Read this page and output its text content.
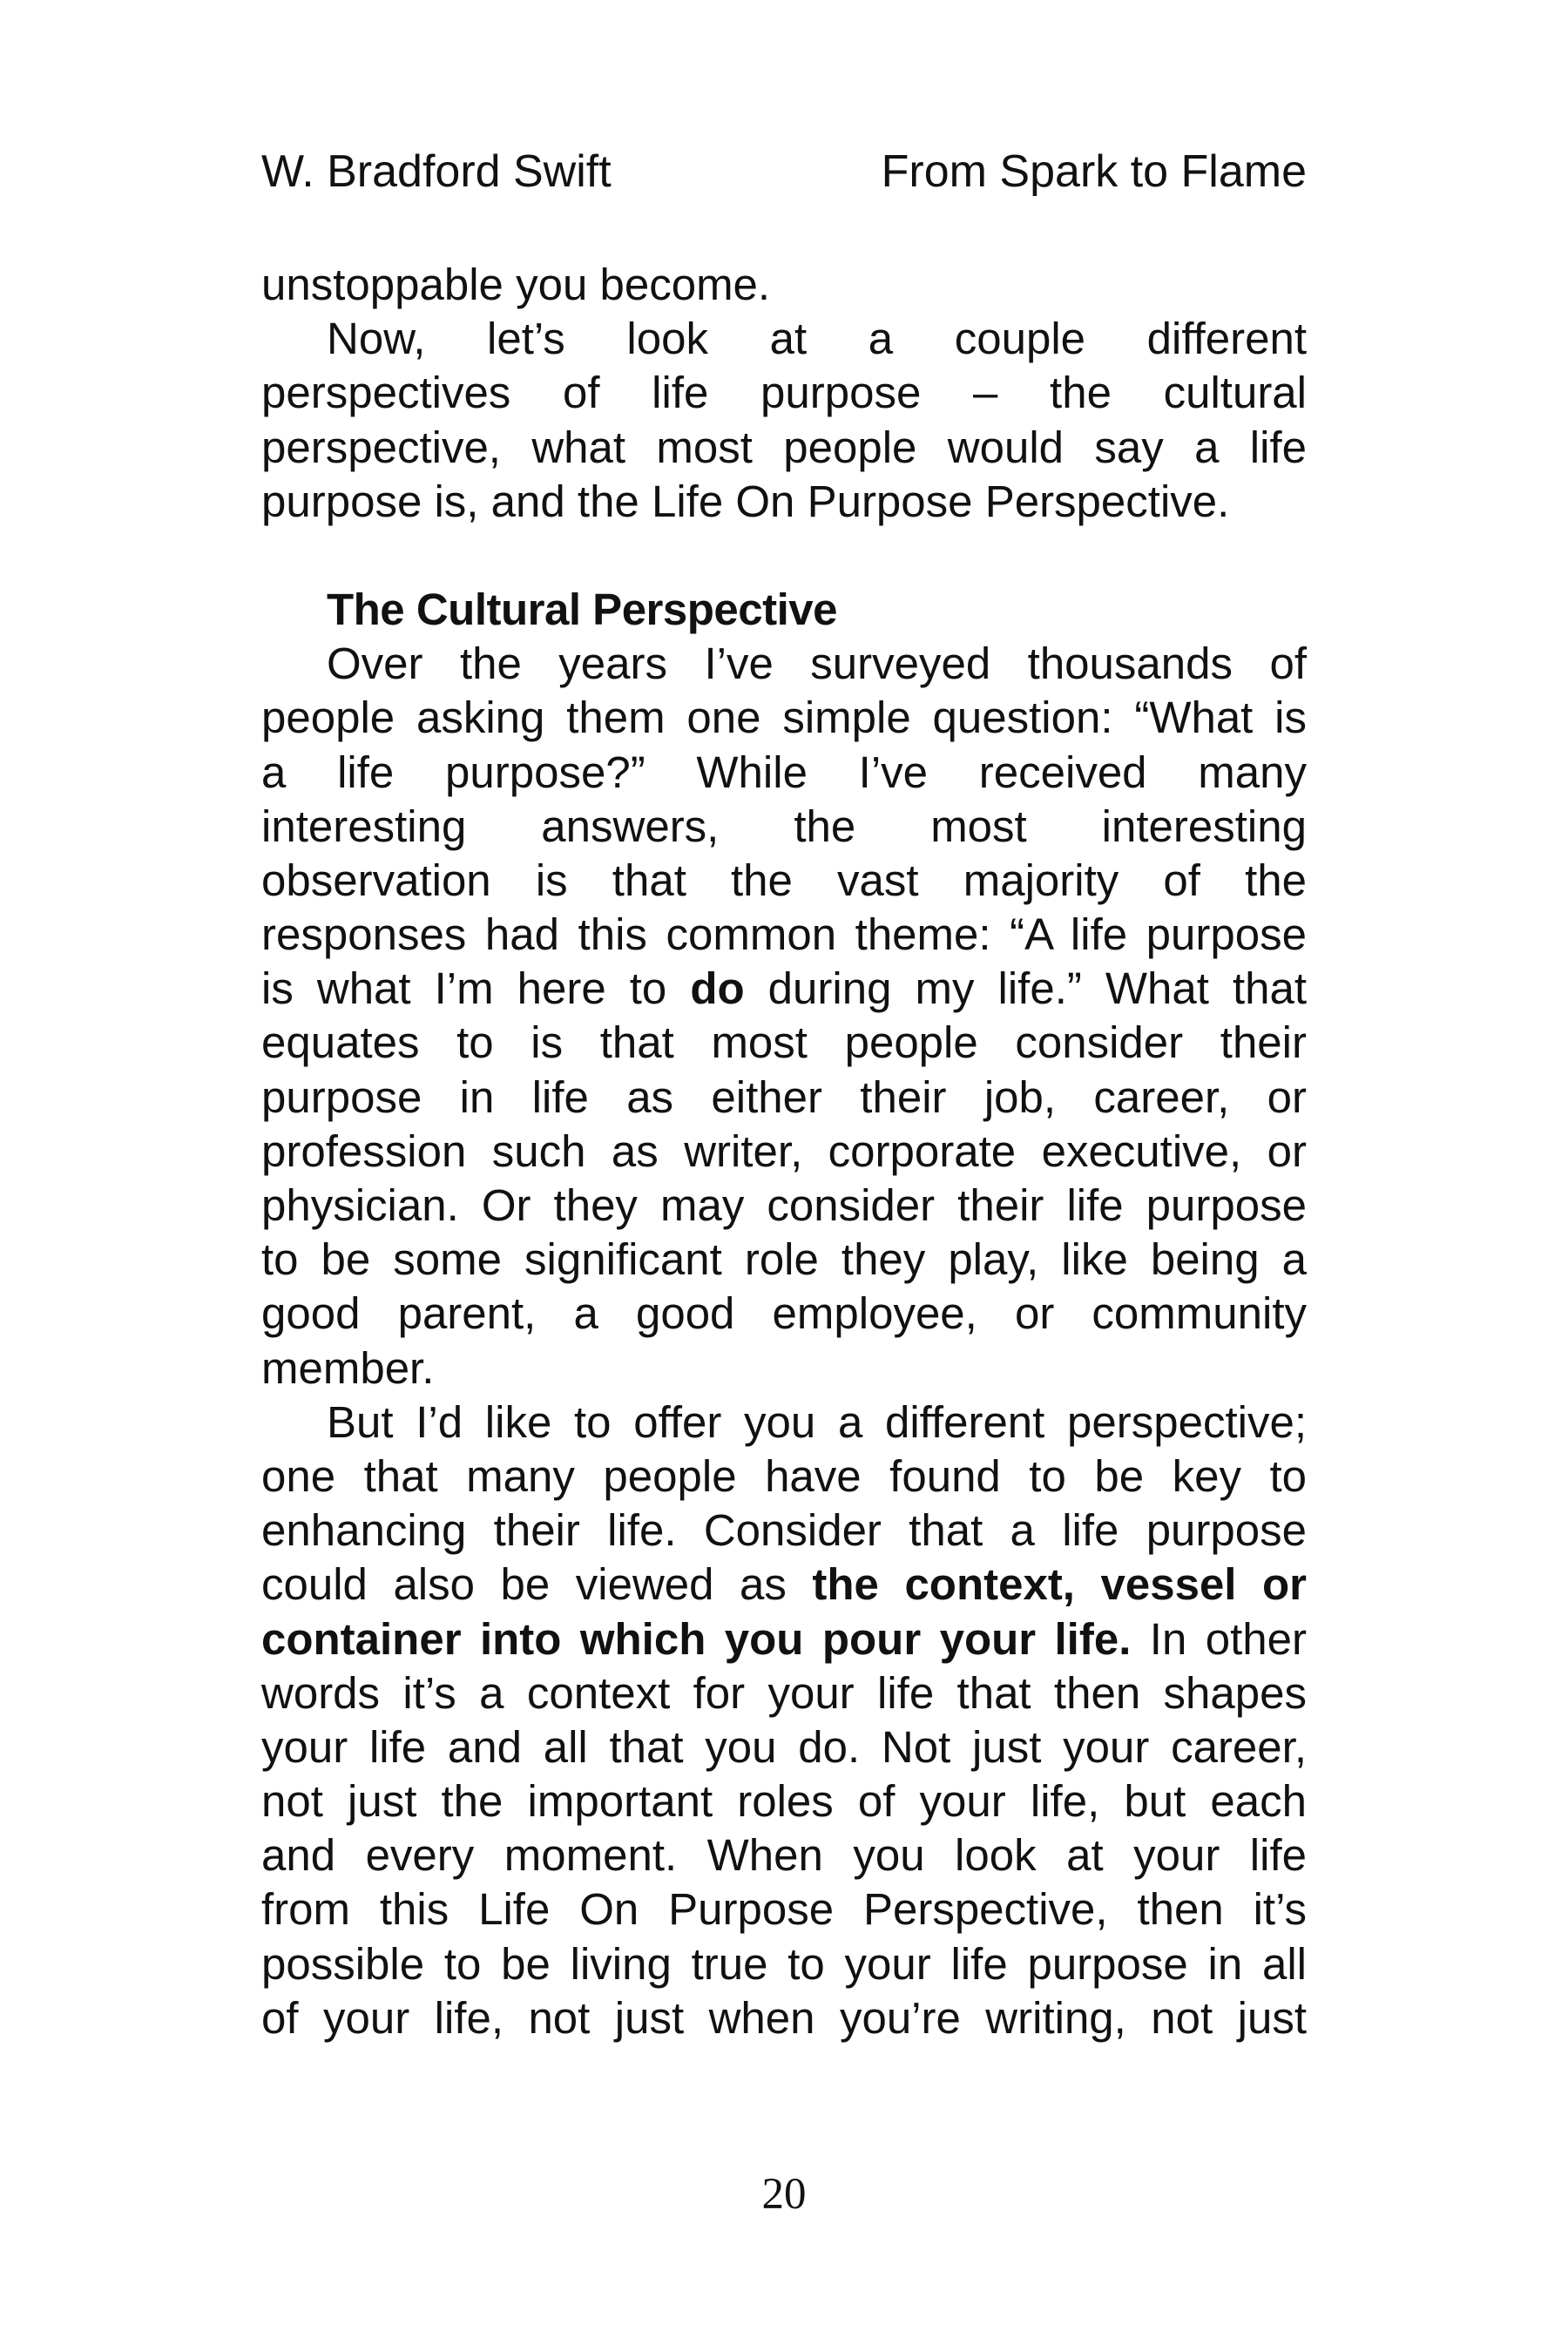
W. Bradford Swift	From Spark to Flame
unstoppable you become.
Now, let’s look at a couple different
perspectives of life purpose – the cultural
perspective, what most people would say a life
purpose is, and the Life On Purpose Perspective.
The Cultural Perspective
Over the years I’ve surveyed thousands of
people asking them one simple question: “What is
a life purpose?” While I’ve received many
interesting answers, the most interesting
observation is that the vast majority of the
responses had this common theme: “A life purpose
is what I’m here to do during my life.” What that
equates to is that most people consider their
purpose in life as either their job, career, or
profession such as writer, corporate executive, or
physician. Or they may consider their life purpose
to be some significant role they play, like being a
good parent, a good employee, or community
member.
But I’d like to offer you a different perspective;
one that many people have found to be key to
enhancing their life. Consider that a life purpose
could also be viewed as the context, vessel or
container into which you pour your life. In other
words it’s a context for your life that then shapes
your life and all that you do. Not just your career,
not just the important roles of your life, but each
and every moment. When you look at your life
from this Life On Purpose Perspective, then it’s
possible to be living true to your life purpose in all
of your life, not just when you’re writing, not just
20
